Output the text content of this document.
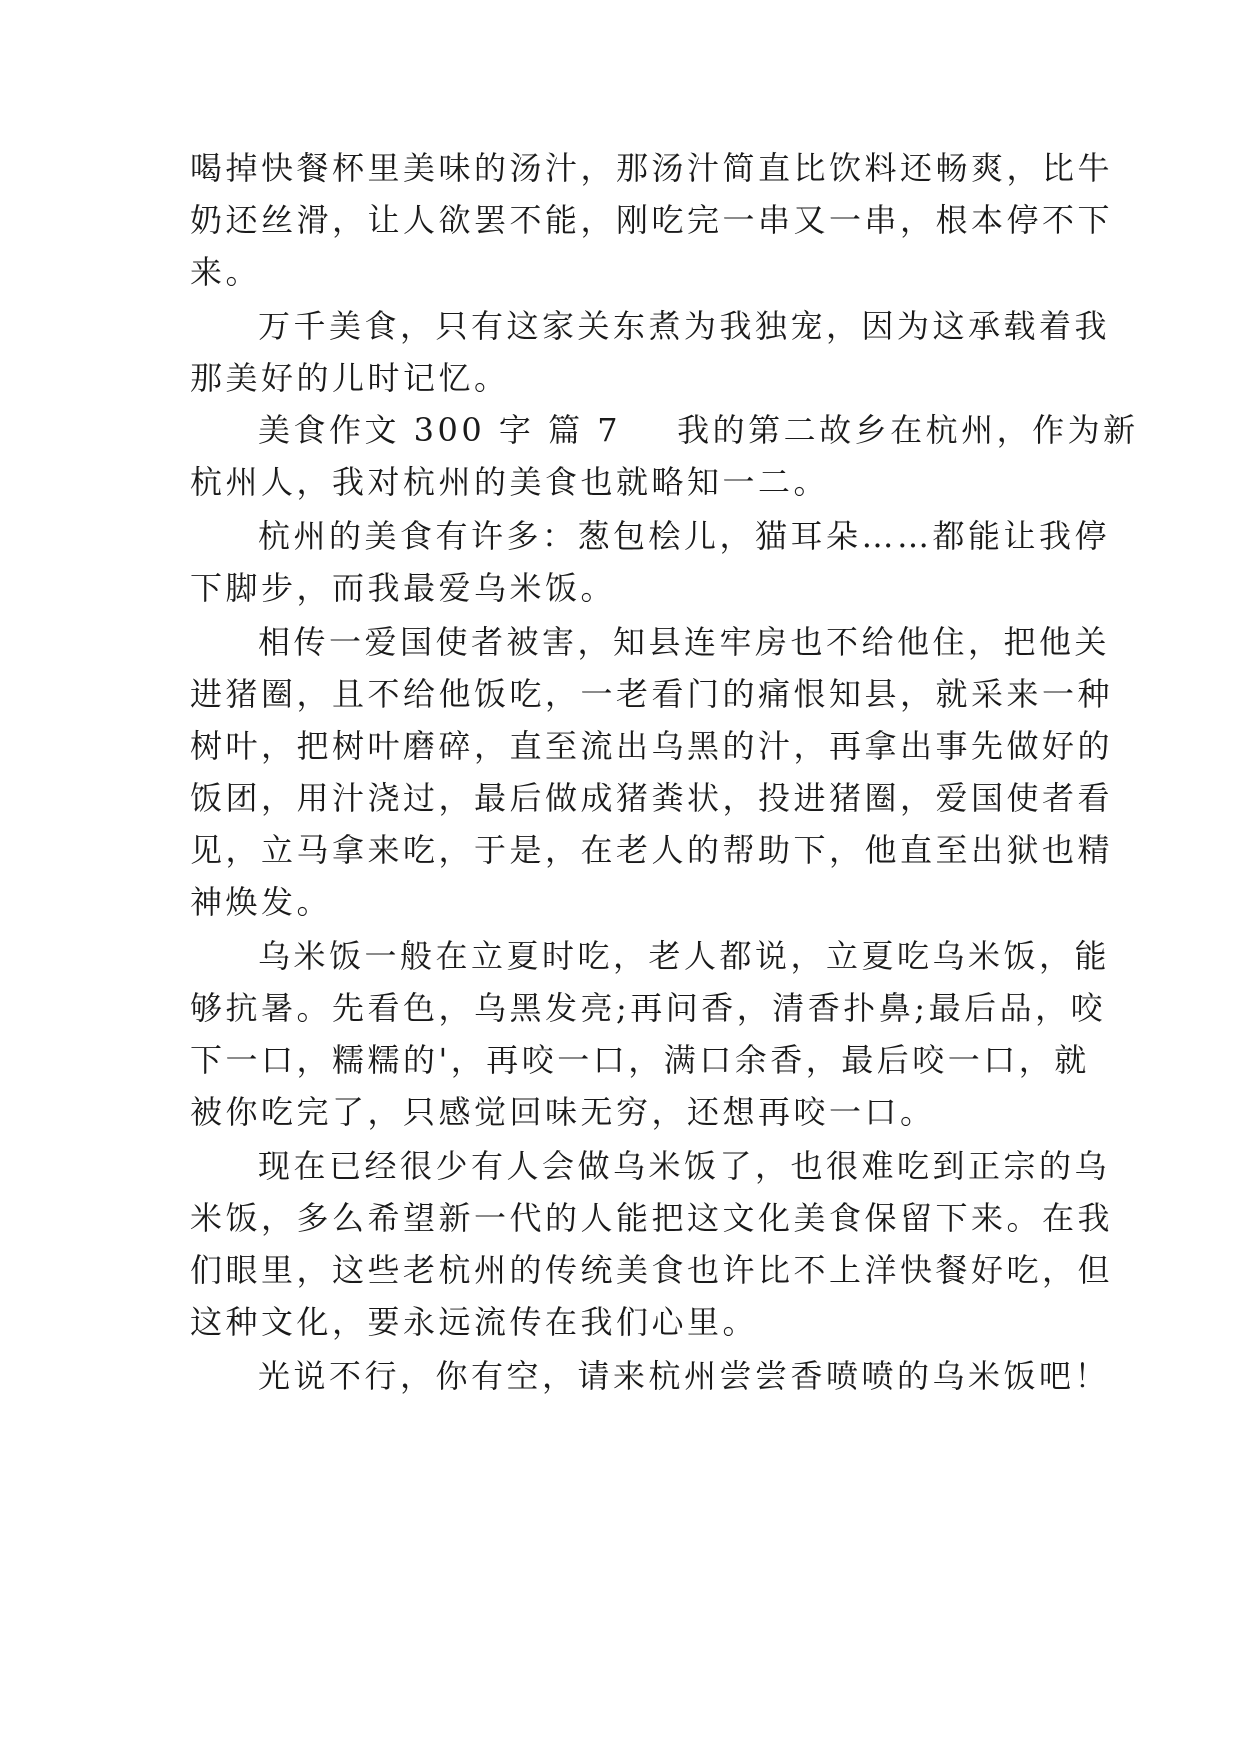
喝掉快餐杯里美味的汤汁，那汤汁简直比饮料还畅爽，比牛
奶还丝滑，让人欲罢不能，刚吃完一串又一串，根本停不下
来。
万千美食，只有这家关东煮为我独宠，因为这承载着我
那美好的儿时记忆。
美食作文 300 字 篇 7 我的第二故乡在杭州，作为新
杭州人，我对杭州的美食也就略知一二。
杭州的美食有许多：葱包桧儿，猫耳朵……都能让我停
下脚步，而我最爱乌米饭。
相传一爱国使者被害，知县连牢房也不给他住，把他关
进猪圈，且不给他饭吃，一老看门的痛恨知县，就采来一种
树叶，把树叶磨碎，直至流出乌黑的汁，再拿出事先做好的
饭团，用汁浇过，最后做成猪粪状，投进猪圈，爱国使者看
见，立马拿来吃，于是，在老人的帮助下，他直至出狱也精
神焕发。
乌米饭一般在立夏时吃，老人都说，立夏吃乌米饭，能
够抗暑。先看色，乌黑发亮;再问香，清香扑鼻;最后品，咬
下一口，糯糯的'，再咬一口，满口余香，最后咬一口，就
被你吃完了，只感觉回味无穷，还想再咬一口。
现在已经很少有人会做乌米饭了，也很难吃到正宗的乌
米饭，多么希望新一代的人能把这文化美食保留下来。在我
们眼里，这些老杭州的传统美食也许比不上洋快餐好吃，但
这种文化，要永远流传在我们心里。
光说不行，你有空，请来杭州尝尝香喷喷的乌米饭吧！
